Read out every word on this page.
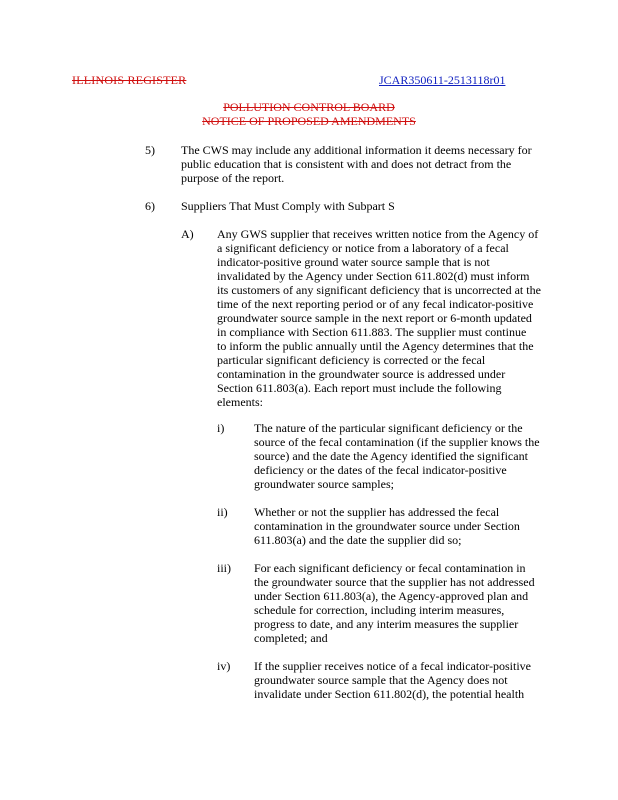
ILLINOIS REGISTER	JCAR350611-2513118r01
POLLUTION CONTROL BOARD
NOTICE OF PROPOSED AMENDMENTS
5) The CWS may include any additional information it deems necessary for

public education that is consistent with and does not detract from the

purpose of the report.

6) Suppliers That Must Comply with Subpart S

A) Any GWS supplier that receives written notice from the Agency of

a significant deficiency or notice from a laboratory of a fecal

indicator-positive ground water source sample that is not

invalidated by the Agency under Section 611.802(d) must inform

its customers of any significant deficiency that is uncorrected at the

time of the next reporting period or of any fecal indicator-positive

groundwater source sample in the next report or 6-month updated

in compliance with Section 611.883. The supplier must continue

to inform the public annually until the Agency determines that the

particular significant deficiency is corrected or the fecal

contamination in the groundwater source is addressed under

Section 611.803(a). Each report must include the following

elements:

i) The nature of the particular significant deficiency or the

source of the fecal contamination (if the supplier knows the

source) and the date the Agency identified the significant

deficiency or the dates of the fecal indicator-positive

groundwater source samples;

ii) Whether or not the supplier has addressed the fecal

contamination in the groundwater source under Section

611.803(a) and the date the supplier did so;

iii) For each significant deficiency or fecal contamination in

the groundwater source that the supplier has not addressed

under Section 611.803(a), the Agency-approved plan and

schedule for correction, including interim measures,

progress to date, and any interim measures the supplier

completed; and

iv) If the supplier receives notice of a fecal indicator-positive

groundwater source sample that the Agency does not

invalidate under Section 611.802(d), the potential health
